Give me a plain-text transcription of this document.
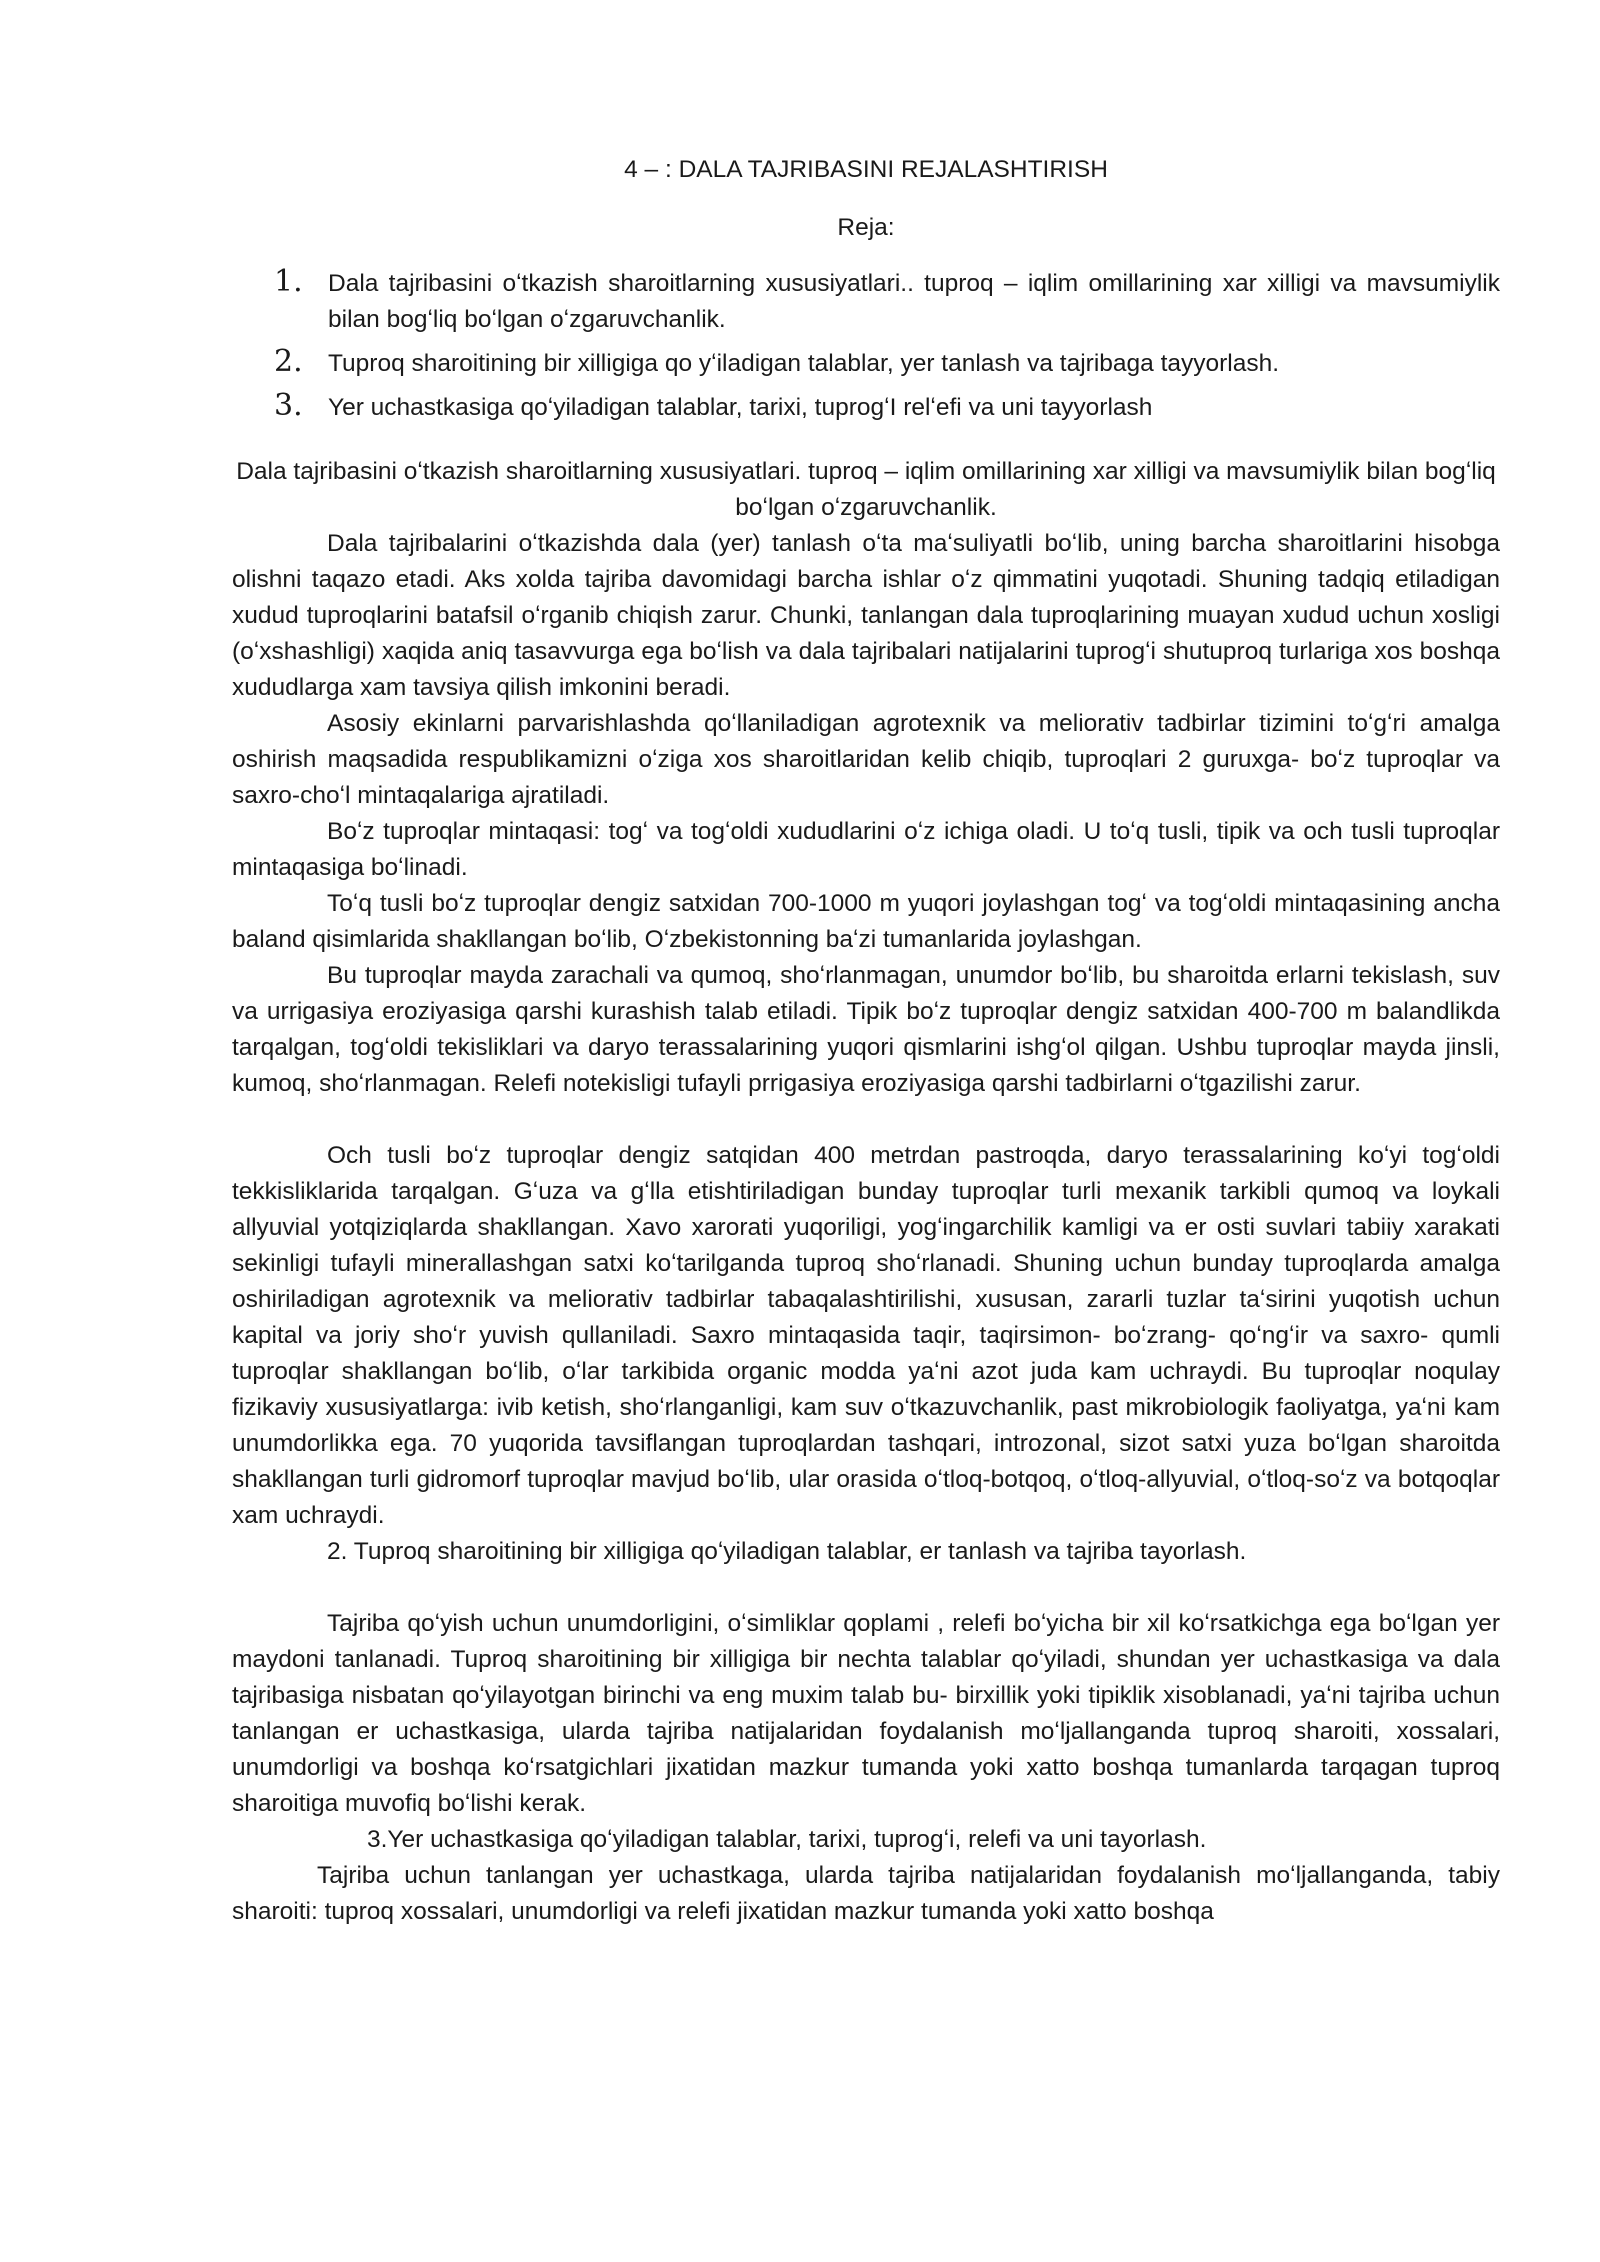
4 – : DALA TAJRIBASINI REJALASHTIRISH

Reja:

1. Dala tajribasini oʻtkazish sharoitlarning xususiyatlari.. tuproq – iqlim omillarining xar xilligi va mavsumiylik bilan bogʻliq boʻlgan oʻzgaruvchanlik.
2. Tuproq sharoitining bir xilligiga qo yʻiladigan talablar, yer tanlash va tajribaga tayyorlash.
3. Yer uchastkasiga qoʻyiladigan talablar, tarixi, tuprogʻI relʻefi va uni tayyorlash

Dala tajribasini oʻtkazish sharoitlarning xususiyatlari. tuproq – iqlim omillarining xar xilligi va mavsumiylik bilan bogʻliq boʻlgan oʻzgaruvchanlik.

Dala tajribalarini oʻtkazishda dala (yer) tanlash oʻta maʻsuliyatli boʻlib, uning barcha sharoitlarini hisobga olishni taqazo etadi. Aks xolda tajriba davomidagi barcha ishlar oʻz qimmatini yuqotadi. Shuning tadqiq etiladigan xudud tuproqlarini batafsil oʻrganib chiqish zarur. Chunki, tanlangan dala tuproqlarining muayan xudud uchun xosligi (oʻxshashligi) xaqida aniq tasavvurga ega boʻlish va dala tajribalari natijalarini tuprogʻi shutuproq turlariga xos boshqa xududlarga xam tavsiya qilish imkonini beradi.

Asosiy ekinlarni parvarishlashda qoʻllaniladigan agrotexnik va meliorativ tadbirlar tizimini toʻgʻri amalga oshirish maqsadida respublikamizni oʻziga xos sharoitlaridan kelib chiqib, tuproqlari 2 guruxga- boʻz tuproqlar va saxro-choʻl mintaqalariga ajratiladi.

Boʻz tuproqlar mintaqasi: togʻ va togʻoldi xududlarini oʻz ichiga oladi. U toʻq tusli, tipik va och tusli tuproqlar mintaqasiga boʻlinadi.

Toʻq tusli boʻz tuproqlar dengiz satxidan 700-1000 m yuqori joylashgan togʻ va togʻoldi mintaqasining ancha baland qisimlarida shakllangan boʻlib, Oʻzbekistonning baʻzi tumanlarida joylashgan.

Bu tuproqlar mayda zarachali va qumoq, shoʻrlanmagan, unumdor boʻlib, bu sharoitda erlarni tekislash, suv va urrigasiya eroziyasiga qarshi kurashish talab etiladi. Tipik boʻz tuproqlar dengiz satxidan 400-700 m balandlikda tarqalgan, togʻoldi tekisliklari va daryo terassalarining yuqori qismlarini ishgʻol qilgan. Ushbu tuproqlar mayda jinsli, kumoq, shoʻrlanmagan. Relefi notekisligi tufayli prrigasiya eroziyasiga qarshi tadbirlarni oʻtgazilishi zarur.

Och tusli boʻz tuproqlar dengiz satqidan 400 metrdan pastroqda, daryo terassalarining koʻyi togʻoldi tekkisliklarida tarqalgan. Gʻuza va gʻlla etishtiriladigan bunday tuproqlar turli mexanik tarkibli qumoq va loykali allyuvial yotqiziqlarda shakllangan. Xavo xarorati yuqoriligi, yogʻingarchilik kamligi va er osti suvlari tabiiy xarakati sekinligi tufayli minerallashgan satxi koʻtarilganda tuproq shoʻrlanadi. Shuning uchun bunday tuproqlarda amalga oshiriladigan agrotexnik va meliorativ tadbirlar tabaqalashtirilishi, xususan, zararli tuzlar taʻsirini yuqotish uchun kapital va joriy shoʻr yuvish qullaniladi. Saxro mintaqasida taqir, taqirsimon- boʻzrang- qoʻngʻir va saxro- qumli tuproqlar shakllangan boʻlib, oʻlar tarkibida organic modda yaʻni azot juda kam uchraydi. Bu tuproqlar noqulay fizikaviy xususiyatlarga: ivib ketish, shoʻrlanganligi, kam suv oʻtkazuvchanlik, past mikrobiologik faoliyatga, yaʻni kam unumdorlikka ega. 70 yuqorida tavsiflangan tuproqlardan tashqari, introzonal, sizot satxi yuza boʻlgan sharoitda shakllangan turli gidromorf tuproqlar mavjud boʻlib, ular orasida oʻtloq-botqoq, oʻtloq-allyuvial, oʻtloq-soʻz va botqoqlar xam uchraydi.

2. Tuproq sharoitining bir xilligiga qoʻyiladigan talablar, er tanlash va tajriba tayorlash.

Tajriba qoʻyish uchun unumdorligini, oʻsimliklar qoplami , relefi boʻyicha bir xil koʻrsatkichga ega boʻlgan yer maydoni tanlanadi. Tuproq sharoitining bir xilligiga bir nechta talablar qoʻyiladi, shundan yer uchastkasiga va dala tajribasiga nisbatan qoʻyilayotgan birinchi va eng muxim talab bu- birxillik yoki tipiklik xisoblanadi, yaʻni tajriba uchun tanlangan er uchastkasiga, ularda tajriba natijalaridan foydalanish moʻljallanganda tuproq sharoiti, xossalari, unumdorligi va boshqa koʻrsatgichlari jixatidan mazkur tumanda yoki xatto boshqa tumanlarda tarqagan tuproq sharoitiga muvofiq boʻlishi kerak.

3.Yer uchastkasiga qoʻyiladigan talablar, tarixi, tuprogʻi, relefi va uni tayorlash.

Tajriba uchun tanlangan yer uchastkaga, ularda tajriba natijalaridan foydalanish moʻljallanganda, tabiy sharoiti: tuproq xossalari, unumdorligi va relefi jixatidan mazkur tumanda yoki xatto boshqa
